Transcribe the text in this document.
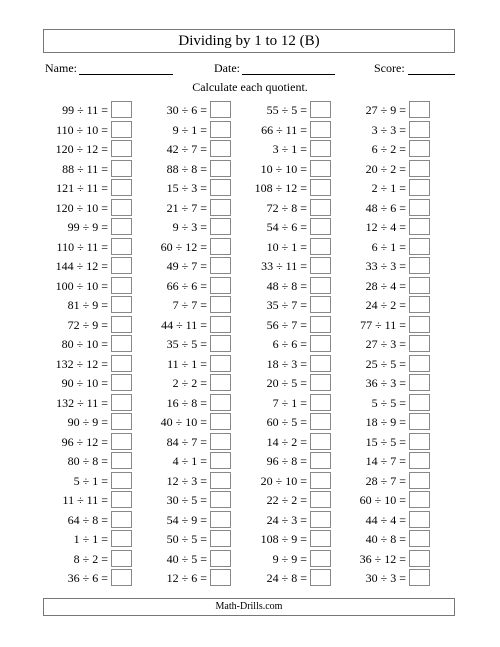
Dividing by 1 to 12 (B)
Name:	Date:	Score:
Calculate each quotient.
99 ÷ 11 =	30 ÷ 6 =	55 ÷ 5 =	27 ÷ 9 =
110 ÷ 10 =	9 ÷ 1 =	66 ÷ 11 =	3 ÷ 3 =
120 ÷ 12 =	42 ÷ 7 =	3 ÷ 1 =	6 ÷ 2 =
88 ÷ 11 =	88 ÷ 8 =	10 ÷ 10 =	20 ÷ 2 =
121 ÷ 11 =	15 ÷ 3 =	108 ÷ 12 =	2 ÷ 1 =
120 ÷ 10 =	21 ÷ 7 =	72 ÷ 8 =	48 ÷ 6 =
99 ÷ 9 =	9 ÷ 3 =	54 ÷ 6 =	12 ÷ 4 =
110 ÷ 11 =	60 ÷ 12 =	10 ÷ 1 =	6 ÷ 1 =
144 ÷ 12 =	49 ÷ 7 =	33 ÷ 11 =	33 ÷ 3 =
100 ÷ 10 =	66 ÷ 6 =	48 ÷ 8 =	28 ÷ 4 =
81 ÷ 9 =	7 ÷ 7 =	35 ÷ 7 =	24 ÷ 2 =
72 ÷ 9 =	44 ÷ 11 =	56 ÷ 7 =	77 ÷ 11 =
80 ÷ 10 =	35 ÷ 5 =	6 ÷ 6 =	27 ÷ 3 =
132 ÷ 12 =	11 ÷ 1 =	18 ÷ 3 =	25 ÷ 5 =
90 ÷ 10 =	2 ÷ 2 =	20 ÷ 5 =	36 ÷ 3 =
132 ÷ 11 =	16 ÷ 8 =	7 ÷ 1 =	5 ÷ 5 =
90 ÷ 9 =	40 ÷ 10 =	60 ÷ 5 =	18 ÷ 9 =
96 ÷ 12 =	84 ÷ 7 =	14 ÷ 2 =	15 ÷ 5 =
80 ÷ 8 =	4 ÷ 1 =	96 ÷ 8 =	14 ÷ 7 =
5 ÷ 1 =	12 ÷ 3 =	20 ÷ 10 =	28 ÷ 7 =
11 ÷ 11 =	30 ÷ 5 =	22 ÷ 2 =	60 ÷ 10 =
64 ÷ 8 =	54 ÷ 9 =	24 ÷ 3 =	44 ÷ 4 =
1 ÷ 1 =	50 ÷ 5 =	108 ÷ 9 =	40 ÷ 8 =
8 ÷ 2 =	40 ÷ 5 =	9 ÷ 9 =	36 ÷ 12 =
36 ÷ 6 =	12 ÷ 6 =	24 ÷ 8 =	30 ÷ 3 =
Math-Drills.com
